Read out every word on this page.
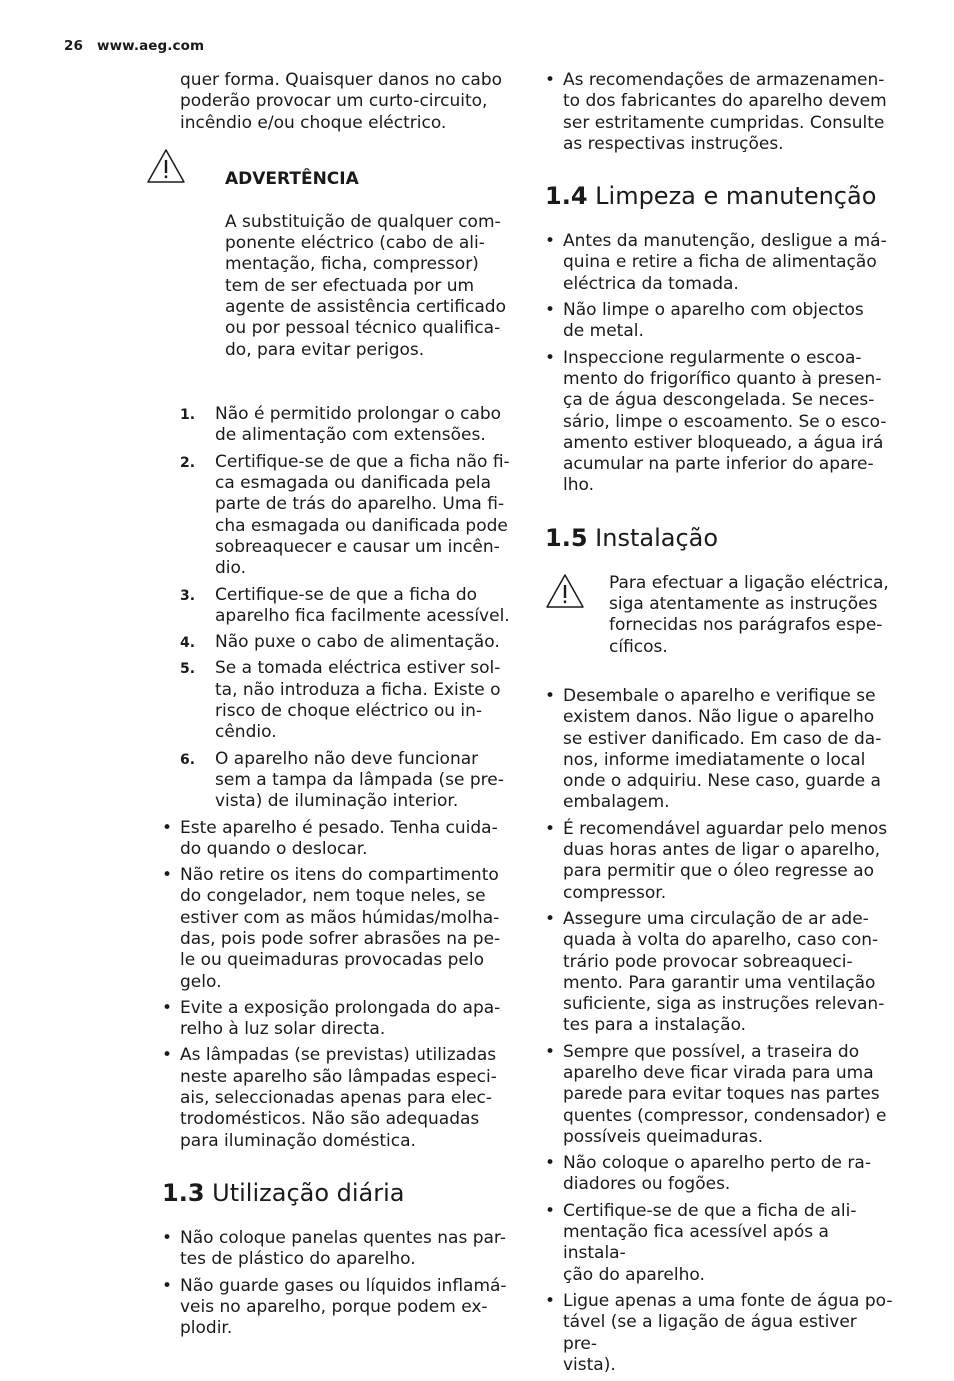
26 www.aeg.com

quer forma. Quaisquer danos no cabo
poderão provocar um curto-circuito,
incêndio e/ou choque eléctrico.

ADVERTÊNCIA

A substituição de qualquer com-
ponente eléctrico (cabo de ali-
mentação, ficha, compressor)
tem de ser efectuada por um
agente de assistência certificado
ou por pessoal técnico qualifica-
do, para evitar perigos.

1. Não é permitido prolongar o cabo
de alimentação com extensões.
2. Certifique-se de que a ficha não fi-
ca esmagada ou danificada pela
parte de trás do aparelho. Uma fi-
cha esmagada ou danificada pode
sobreaquecer e causar um incên-
dio.
3. Certifique-se de que a ficha do
aparelho fica facilmente acessível.
4. Não puxe o cabo de alimentação.
5. Se a tomada eléctrica estiver sol-
ta, não introduza a ficha. Existe o
risco de choque eléctrico ou in-
cêndio.
6. O aparelho não deve funcionar
sem a tampa da lâmpada (se pre-
vista) de iluminação interior.
• Este aparelho é pesado. Tenha cuida-
do quando o deslocar.
• Não retire os itens do compartimento
do congelador, nem toque neles, se
estiver com as mãos húmidas/molha-
das, pois pode sofrer abrasões na pe-
le ou queimaduras provocadas pelo
gelo.
• Evite a exposição prolongada do apa-
relho à luz solar directa.
• As lâmpadas (se previstas) utilizadas
neste aparelho são lâmpadas especi-
ais, seleccionadas apenas para elec-
trodomésticos. Não são adequadas
para iluminação doméstica.
1.3 Utilização diária
• Não coloque panelas quentes nas par-
tes de plástico do aparelho.
• Não guarde gases ou líquidos inflamá-
veis no aparelho, porque podem ex-
plodir.
• As recomendações de armazenamen-
to dos fabricantes do aparelho devem
ser estritamente cumpridas. Consulte
as respectivas instruções.
1.4 Limpeza e manutenção
• Antes da manutenção, desligue a má-
quina e retire a ficha de alimentação
eléctrica da tomada.
• Não limpe o aparelho com objectos
de metal.
• Inspeccione regularmente o escoa-
mento do frigorífico quanto à presen-
ça de água descongelada. Se neces-
sário, limpe o escoamento. Se o esco-
amento estiver bloqueado, a água irá
acumular na parte inferior do apare-
lho.
1.5 Instalação
Para efectuar a ligação eléctrica,
siga atentamente as instruções
fornecidas nos parágrafos espe-
cíficos.
• Desembale o aparelho e verifique se
existem danos. Não ligue o aparelho
se estiver danificado. Em caso de da-
nos, informe imediatamente o local
onde o adquiriu. Nese caso, guarde a
embalagem.
• É recomendável aguardar pelo menos
duas horas antes de ligar o aparelho,
para permitir que o óleo regresse ao
compressor.
• Assegure uma circulação de ar ade-
quada à volta do aparelho, caso con-
trário pode provocar sobreaqueci-
mento. Para garantir uma ventilação
suficiente, siga as instruções relevan-
tes para a instalação.
• Sempre que possível, a traseira do
aparelho deve ficar virada para uma
parede para evitar toques nas partes
quentes (compressor, condensador) e
possíveis queimaduras.
• Não coloque o aparelho perto de ra-
diadores ou fogões.
• Certifique-se de que a ficha de ali-
mentação fica acessível após a instala-
ção do aparelho.
• Ligue apenas a uma fonte de água po-
tável (se a ligação de água estiver pre-
vista).
